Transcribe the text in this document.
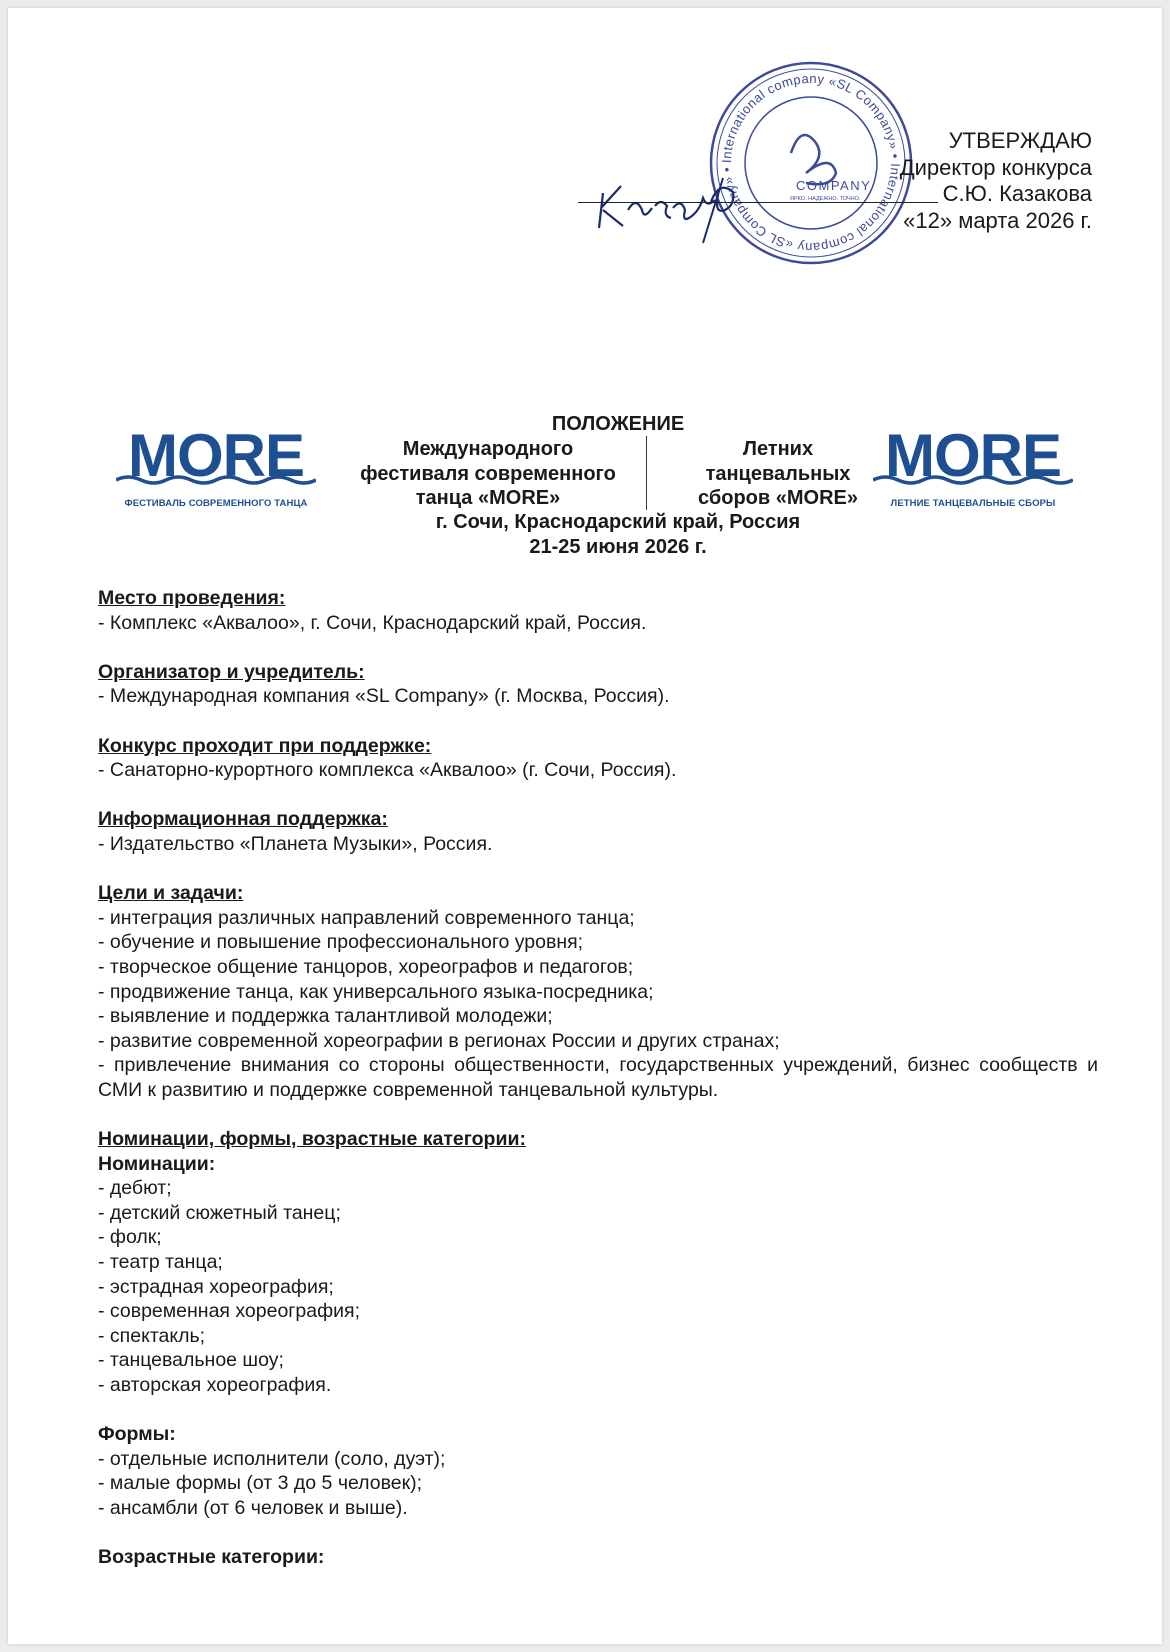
International company «SL Company» • International company «SL Company» •
COMPANY
ЯРКО. НАДЕЖНО. ТОЧНО.
УТВЕРЖДАЮ
Директор конкурса
С.Ю. Казакова
«12» марта 2026 г.
MORE
ФЕСТИВАЛЬ СОВРЕМЕННОГО ТАНЦА
MORE
ЛЕТНИЕ ТАНЦЕВАЛЬНЫЕ СБОРЫ
ПОЛОЖЕНИЕ
Международного
фестиваля современного
танца «MORE»
Летних
танцевальных
сборов «MORE»
г. Сочи, Краснодарский край, Россия
21-25 июня 2026 г.

Место проведения:

- Комплекс «Аквалоо», г. Сочи, Краснодарский край, Россия.

Организатор и учредитель:

- Международная компания «SL Company» (г. Москва, Россия).

Конкурс проходит при поддержке:

- Санаторно-курортного комплекса «Аквалоо» (г. Сочи, Россия).

Информационная поддержка:

- Издательство «Планета Музыки», Россия.

Цели и задачи:

- интеграция различных направлений современного танца;

- обучение и повышение профессионального уровня;

- творческое общение танцоров, хореографов и педагогов;

- продвижение танца, как универсального языка-посредника;

- выявление и поддержка талантливой молодежи;

- развитие современной хореографии в регионах России и других странах;

- привлечение внимания со стороны общественности, государственных учреждений, бизнес сообществ и СМИ к развитию и поддержке современной танцевальной культуры.

Номинации, формы, возрастные категории:

Номинации:

- дебют;

- детский сюжетный танец;

- фолк;

- театр танца;

- эстрадная хореография;

- современная хореография;

- спектакль;

- танцевальное шоу;

- авторская хореография.

Формы:

- отдельные исполнители (соло, дуэт);

- малые формы (от 3 до 5 человек);

- ансамбли (от 6 человек и выше).

Возрастные категории:
